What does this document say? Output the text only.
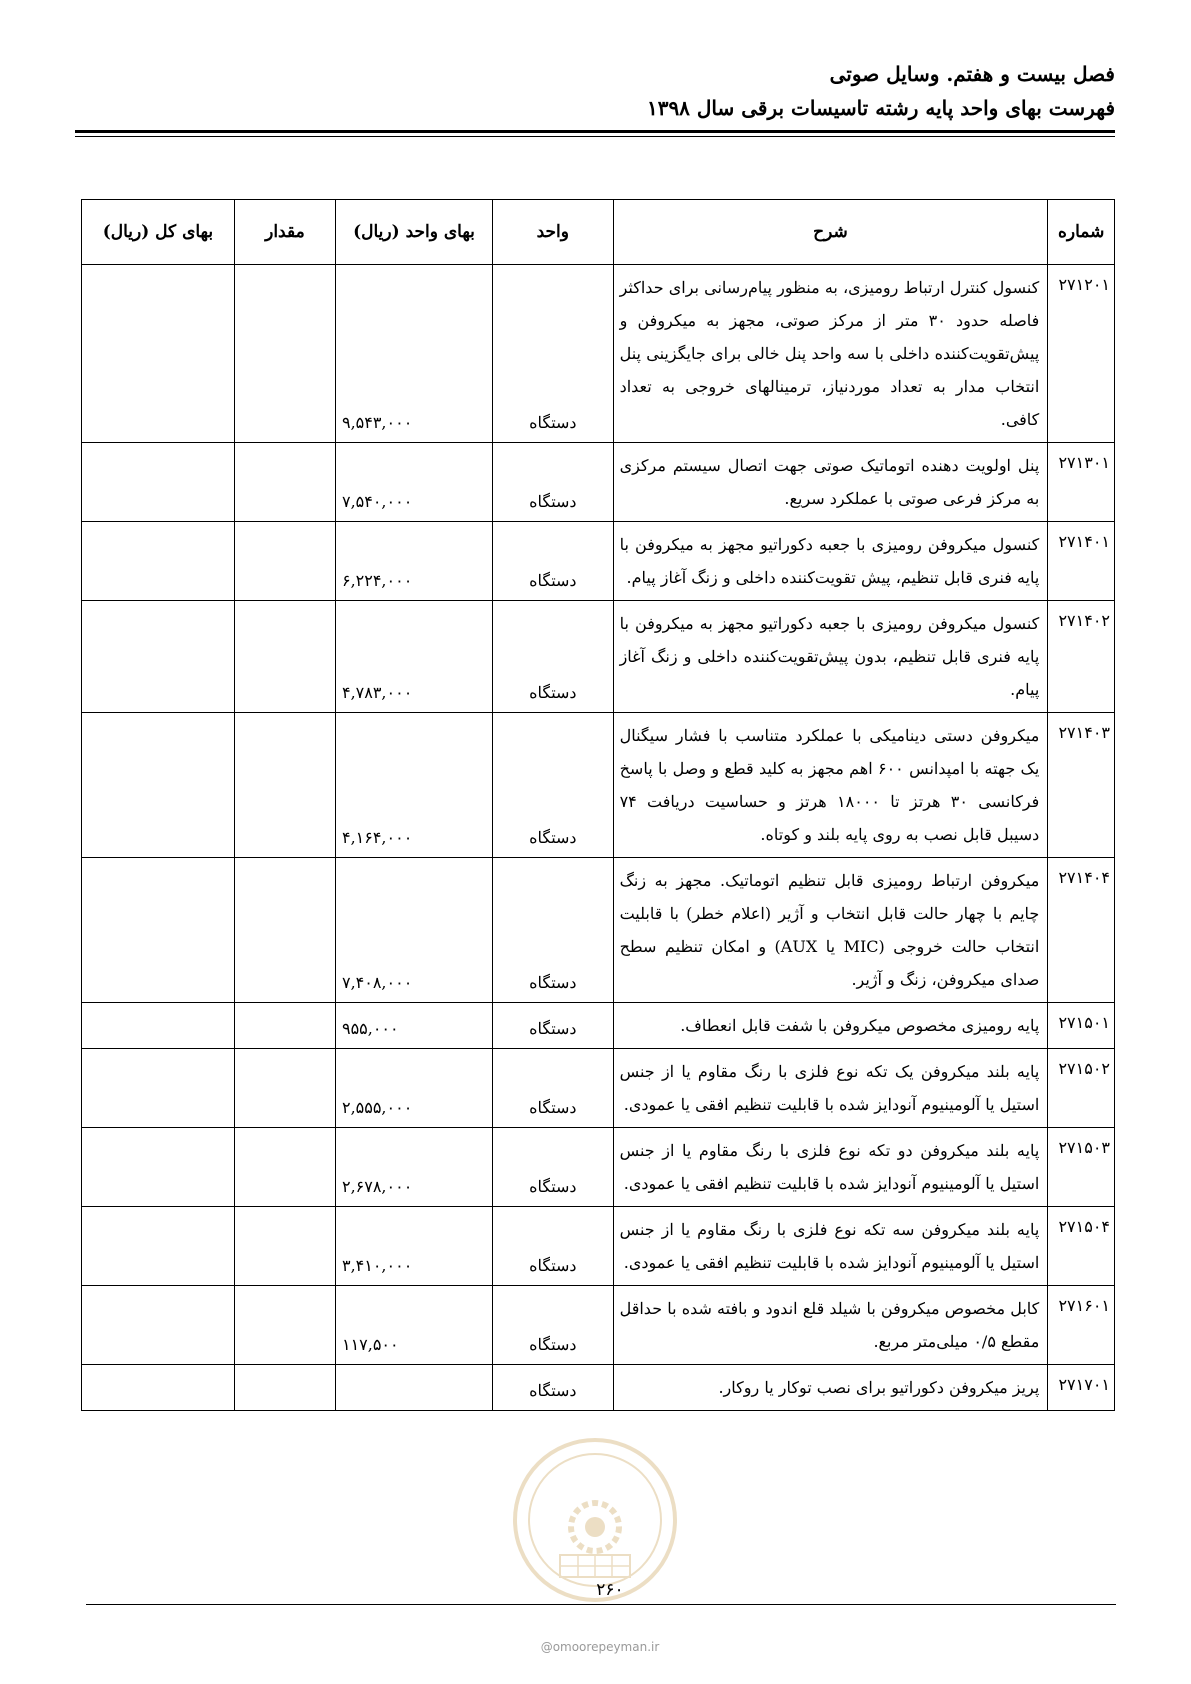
فصل بیست و هفتم. وسایل صوتی
فهرست بهای واحد پایه رشته تاسیسات برقی سال ۱۳۹۸
شماره	شرح	واحد	بهای واحد (ریال)	مقدار	بهای کل (ریال)
۲۷۱۲۰۱	کنسول کنترل ارتباط رومیزی، به منظور پیام‌رسانی برای حداکثر فاصله حدود ۳۰ متر از مرکز صوتی، مجهز به میکروفن و پیش‌تقویت‌کننده داخلی با سه واحد پنل خالی برای جایگزینی پنل انتخاب مدار به تعداد موردنیاز، ترمینالهای خروجی به تعداد کافی.	دستگاه	۹,۵۴۳,۰۰۰		
۲۷۱۳۰۱	پنل اولویت دهنده اتوماتیک صوتی جهت اتصال سیستم مرکزی به مرکز فرعی صوتی با عملکرد سریع.	دستگاه	۷,۵۴۰,۰۰۰		
۲۷۱۴۰۱	کنسول میکروفن رومیزی با جعبه دکوراتیو مجهز به میکروفن با پایه فنری قابل تنظیم، پیش تقویت‌کننده داخلی و زنگ آغاز پیام.	دستگاه	۶,۲۲۴,۰۰۰		
۲۷۱۴۰۲	کنسول میکروفن رومیزی با جعبه دکوراتیو مجهز به میکروفن با پایه فنری قابل تنظیم، بدون پیش‌تقویت‌کننده داخلی و زنگ آغاز پیام.	دستگاه	۴,۷۸۳,۰۰۰		
۲۷۱۴۰۳	میکروفن دستی دینامیکی با عملکرد متناسب با فشار سیگنال یک جهته با امپدانس ۶۰۰ اهم مجهز به کلید قطع و وصل با پاسخ فرکانسی ۳۰ هرتز تا ۱۸۰۰۰ هرتز و حساسیت دریافت ۷۴ دسیبل قابل نصب به روی پایه بلند و کوتاه.	دستگاه	۴,۱۶۴,۰۰۰		
۲۷۱۴۰۴	میکروفن ارتباط رومیزی قابل تنظیم اتوماتیک. مجهز به زنگ چایم با چهار حالت قابل انتخاب و آژیر (اعلام خطر) با قابلیت انتخاب حالت خروجی (MIC یا AUX) و امکان تنظیم سطح صدای میکروفن، زنگ و آژیر.	دستگاه	۷,۴۰۸,۰۰۰		
۲۷۱۵۰۱	پایه رومیزی مخصوص میکروفن با شفت قابل انعطاف.	دستگاه	۹۵۵,۰۰۰		
۲۷۱۵۰۲	پایه بلند میکروفن یک تکه نوع فلزی با رنگ مقاوم یا از جنس استیل یا آلومینیوم آنودایز شده با قابلیت تنظیم افقی یا عمودی.	دستگاه	۲,۵۵۵,۰۰۰		
۲۷۱۵۰۳	پایه بلند میکروفن دو تکه نوع فلزی با رنگ مقاوم یا از جنس استیل یا آلومینیوم آنودایز شده با قابلیت تنظیم افقی یا عمودی.	دستگاه	۲,۶۷۸,۰۰۰		
۲۷۱۵۰۴	پایه بلند میکروفن سه تکه نوع فلزی با رنگ مقاوم یا از جنس استیل یا آلومینیوم آنودایز شده با قابلیت تنظیم افقی یا عمودی.	دستگاه	۳,۴۱۰,۰۰۰		
۲۷۱۶۰۱	کابل مخصوص میکروفن با شیلد قلع اندود و بافته شده با حداقل مقطع ۰/۵ میلی‌متر مربع.	دستگاه	۱۱۷,۵۰۰		
۲۷۱۷۰۱	پریز میکروفن دکوراتیو برای نصب توکار یا روکار.	دستگاه			
۲۶۰
@omoorepeyman.ir
